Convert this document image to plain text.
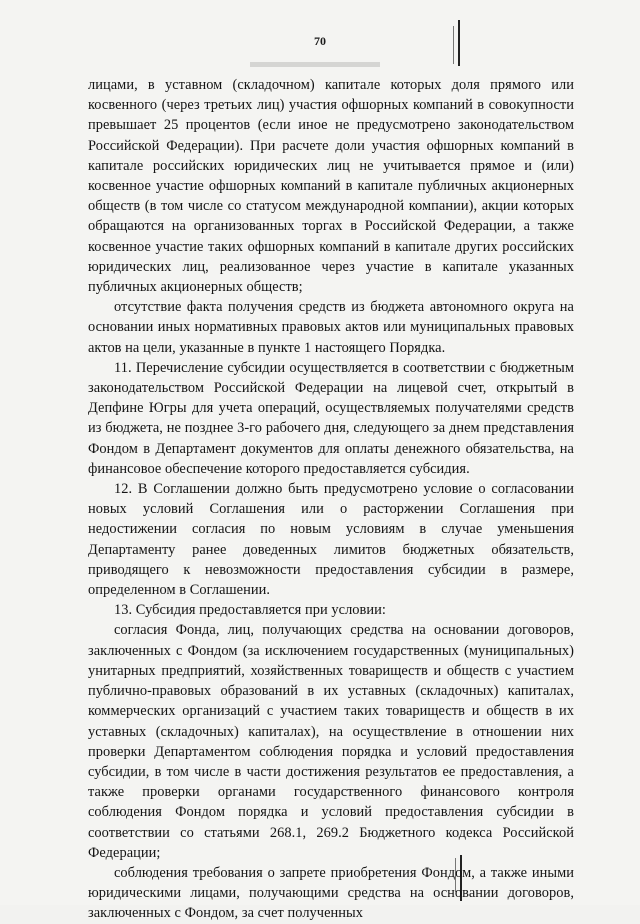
70

лицами, в уставном (складочном) капитале которых доля прямого или косвенного (через третьих лиц) участия офшорных компаний в совокупности превышает 25 процентов (если иное не предусмотрено законодательством Российской Федерации). При расчете доли участия офшорных компаний в капитале российских юридических лиц не учитывается прямое и (или) косвенное участие офшорных компаний в капитале публичных акционерных обществ (в том числе со статусом международной компании), акции которых обращаются на организованных торгах в Российской Федерации, а также косвенное участие таких офшорных компаний в капитале других российских юридических лиц, реализованное через участие в капитале указанных публичных акционерных обществ;

отсутствие факта получения средств из бюджета автономного округа на основании иных нормативных правовых актов или муниципальных правовых актов на цели, указанные в пункте 1 настоящего Порядка.

11. Перечисление субсидии осуществляется в соответствии с бюджетным законодательством Российской Федерации на лицевой счет, открытый в Депфине Югры для учета операций, осуществляемых получателями средств из бюджета, не позднее 3-го рабочего дня, следующего за днем представления Фондом в Департамент документов для оплаты денежного обязательства, на финансовое обеспечение которого предоставляется субсидия.

12. В Соглашении должно быть предусмотрено условие о согласовании новых условий Соглашения или о расторжении Соглашения при недостижении согласия по новым условиям в случае уменьшения Департаменту ранее доведенных лимитов бюджетных обязательств, приводящего к невозможности предоставления субсидии в размере, определенном в Соглашении.

13. Субсидия предоставляется при условии:

согласия Фонда, лиц, получающих средства на основании договоров, заключенных с Фондом (за исключением государственных (муниципальных) унитарных предприятий, хозяйственных товариществ и обществ с участием публично-правовых образований в их уставных (складочных) капиталах, коммерческих организаций с участием таких товариществ и обществ в их уставных (складочных) капиталах), на осуществление в отношении них проверки Департаментом соблюдения порядка и условий предоставления субсидии, в том числе в части достижения результатов ее предоставления, а также проверки органами государственного финансового контроля соблюдения Фондом порядка и условий предоставления субсидии в соответствии со статьями 268.1, 269.2 Бюджетного кодекса Российской Федерации;

соблюдения требования о запрете приобретения Фондом, а также иными юридическими лицами, получающими средства на основании договоров, заключенных с Фондом, за счет полученных
